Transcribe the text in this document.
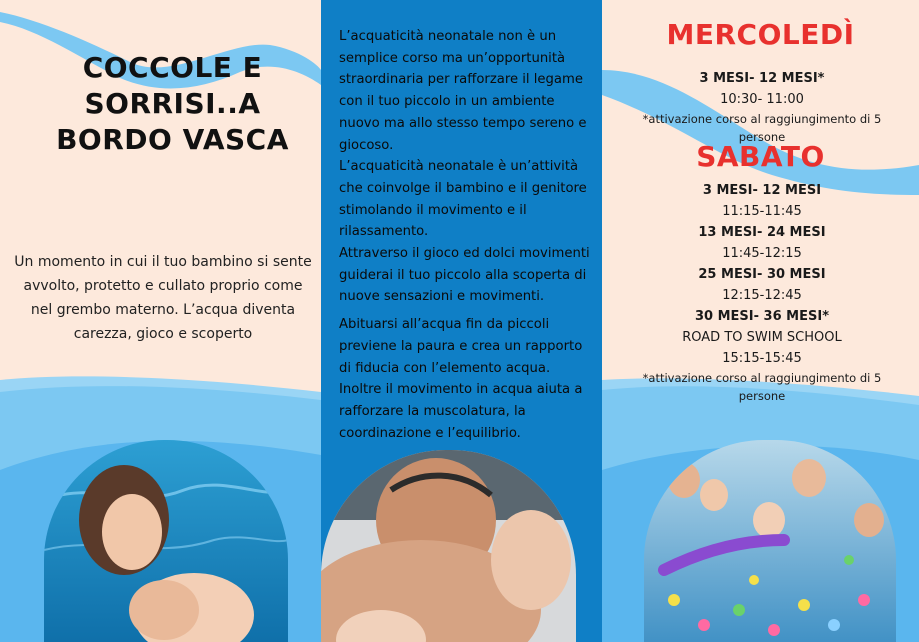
COCCOLE E
SORRISI..A
BORDO VASCA
Un momento in cui il tuo bambino si sente
avvolto, protetto e cullato proprio come
nel grembo materno. L’acqua diventa
carezza, gioco e scoperto

L’acquaticità neonatale non è un

semplice corso ma un’opportunità

straordinaria per rafforzare il legame

con il tuo piccolo in un ambiente

nuovo ma allo stesso tempo sereno e

giocoso.

L’acquaticità neonatale è un’attività

che coinvolge il bambino e il genitore

stimolando il movimento e il

rilassamento.

Attraverso il gioco ed dolci movimenti

guiderai il tuo piccolo alla scoperta di

nuove sensazioni e movimenti.

Abituarsi all’acqua fin da piccoli

previene la paura e crea un rapporto

di fiducia con l’elemento acqua.

Inoltre il movimento in acqua aiuta a

rafforzare la muscolatura, la

coordinazione e l’equilibrio.

MERCOLEDÌ
3 MESI- 12 MESI*
10:30- 11:00
*attivazione corso al raggiungimento di 5
persone
SABATO
3 MESI- 12 MESI
11:15-11:45
13 MESI- 24 MESI
11:45-12:15
25 MESI- 30 MESI
12:15-12:45
30 MESI- 36 MESI*
ROAD TO SWIM SCHOOL
15:15-15:45
*attivazione corso al raggiungimento di 5
persone
